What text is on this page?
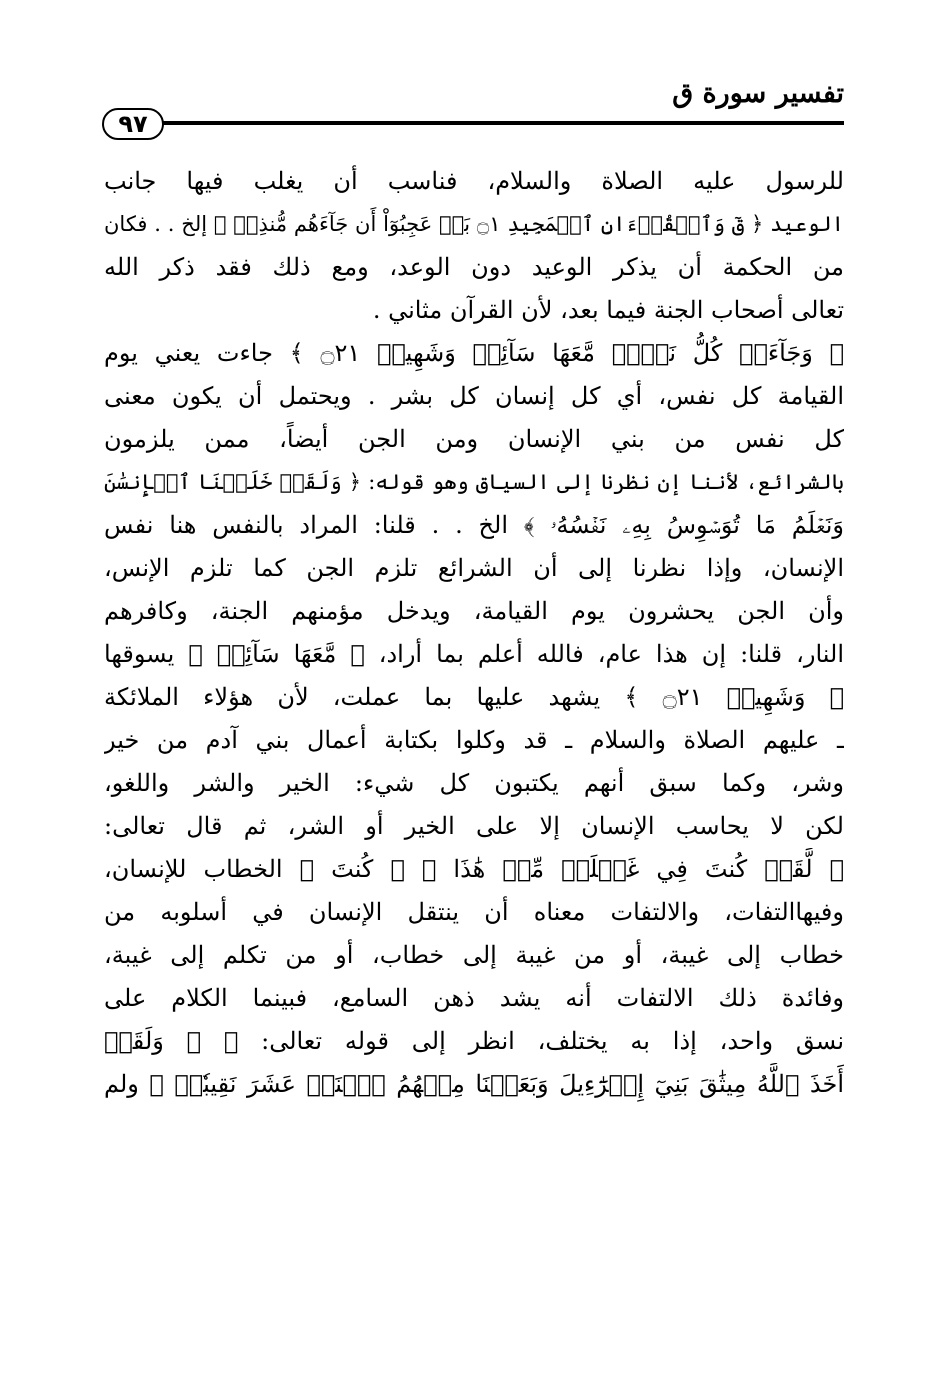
تفسير سورة ق
٩٧
للرسول عليه الصلاة والسلام، فناسب أن يغلب فيها جانب
الوعيد ﴿ قٓ وَٱلۡقُرۡءَانِ ٱلۡمَجِيدِ ۝١ بَلۡ عَجِبُوٓاْ أَن جَآءَهُم مُّنذِرٞ ﴾ إلخ . . فكان
من الحكمة أن يذكر الوعيد دون الوعد، ومع ذلك فقد ذكر الله
تعالى أصحاب الجنة فيما بعد، لأن القرآن مثاني .
﴿ وَجَآءَتۡ كُلُّ نَفۡسٖ مَّعَهَا سَآئِقٞ وَشَهِيدٞ ۝٢١ ﴾ جاءت يعني يوم
القيامة كل نفس، أي كل إنسان كل بشر . ويحتمل أن يكون معنى
كل نفس من بني الإنسان ومن الجن أيضاً، ممن يلزمون
بالشرائع، لأننا إن نظرنا إلى السياق وهو قوله: ﴿ وَلَقَدۡ خَلَقۡنَا ٱلۡإِنسَٰنَ
وَنَعۡلَمُ مَا تُوَسۡوِسُ بِهِۦ نَفۡسُهُۥ ﴾ الخ . . قلنا: المراد بالنفس هنا نفس
الإنسان، وإذا نظرنا إلى أن الشرائع تلزم الجن كما تلزم الإنس،
وأن الجن يحشرون يوم القيامة، ويدخل مؤمنهم الجنة، وكافرهم
النار، قلنا: إن هذا عام، فالله أعلم بما أراد، ﴿ مَّعَهَا سَآئِقٞ ﴾ يسوقها
﴿ وَشَهِيدٞ ۝٢١ ﴾ يشهد عليها بما عملت، لأن هؤلاء الملائكة
ـ عليهم الصلاة والسلام ـ قد وكلوا بكتابة أعمال بني آدم من خير
وشر، وكما سبق أنهم يكتبون كل شيء: الخير والشر واللغو،
لكن لا يحاسب الإنسان إلا على الخير أو الشر، ثم قال تعالى:
﴿ لَّقَدۡ كُنتَ فِي غَفۡلَةٖ مِّنۡ هَٰذَا ﴾ ﴿ كُنتَ ﴾ الخطاب للإنسان،
وفيهاالتفات، والالتفات معناه أن ينتقل الإنسان في أسلوبه من
خطاب إلى غيبة، أو من غيبة إلى خطاب، أو من تكلم إلى غيبة،
وفائدة ذلك الالتفات أنه يشد ذهن السامع، فبينما الكلام على
نسق واحد، إذا به يختلف، انظر إلى قوله تعالى: ﴿ ۞ وَلَقَدۡ
أَخَذَ ٱللَّهُ مِيثَٰقَ بَنِيٓ إِسۡرَٰٓءِيلَ وَبَعَثۡنَا مِنۡهُمُ ٱثۡنَيۡ عَشَرَ نَقِيبٗاۖ ﴾ ولم
